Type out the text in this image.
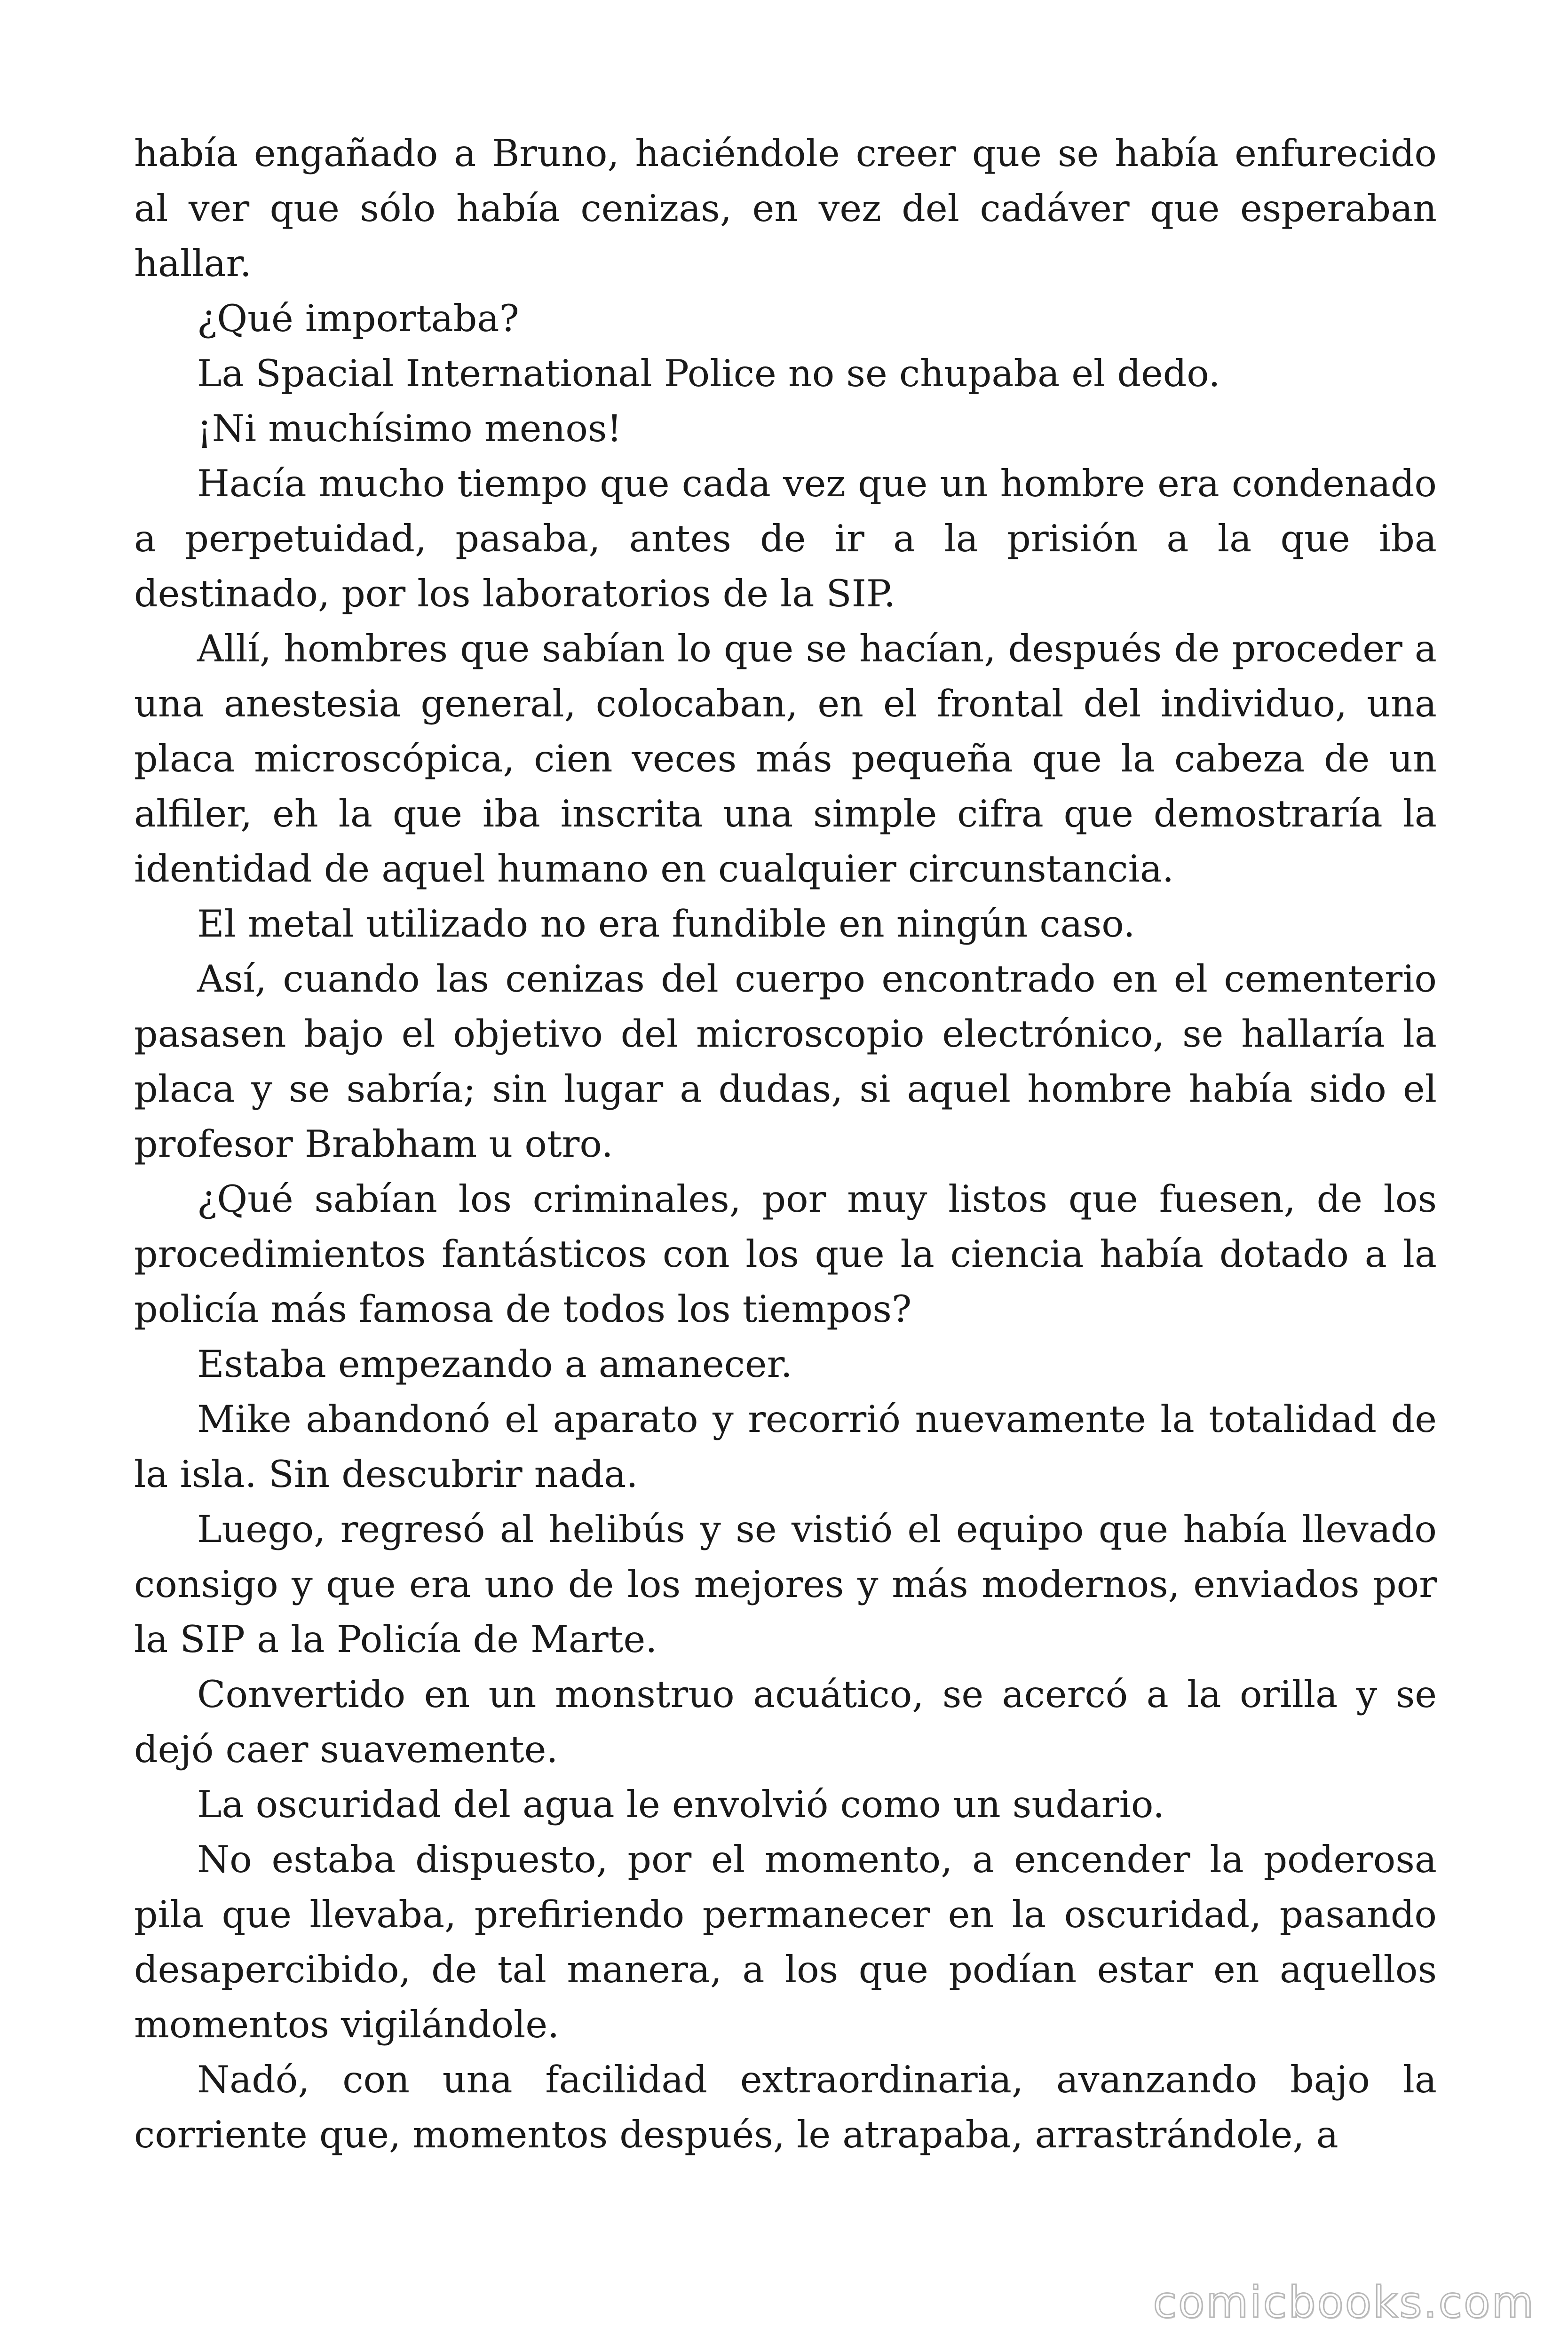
había engañado a Bruno, haciéndole creer que se había enfurecido al ver que sólo había cenizas, en vez del cadáver que esperaban hallar.

¿Qué importaba?

La Spacial International Police no se chupaba el dedo.

¡Ni muchísimo menos!

Hacía mucho tiempo que cada vez que un hombre era condenado a perpetuidad, pasaba, antes de ir a la prisión a la que iba destinado, por los laboratorios de la SIP.

Allí, hombres que sabían lo que se hacían, después de proceder a una anestesia general, colocaban, en el frontal del individuo, una placa microscópica, cien veces más pequeña que la cabeza de un alfiler, eh la que iba inscrita una simple cifra que demostraría la identidad de aquel humano en cualquier circunstancia.

El metal utilizado no era fundible en ningún caso.

Así, cuando las cenizas del cuerpo encontrado en el cementerio pasasen bajo el objetivo del microscopio electrónico, se hallaría la placa y se sabría; sin lugar a dudas, si aquel hombre había sido el profesor Brabham u otro.

¿Qué sabían los criminales, por muy listos que fuesen, de los procedimientos fantásticos con los que la ciencia había dotado a la policía más famosa de todos los tiempos?

Estaba empezando a amanecer.

Mike abandonó el aparato y recorrió nuevamente la totalidad de la isla. Sin descubrir nada.

Luego, regresó al helibús y se vistió el equipo que había llevado consigo y que era uno de los mejores y más modernos, enviados por la SIP a la Policía de Marte.

Convertido en un monstruo acuático, se acercó a la orilla y se dejó caer suavemente.

La oscuridad del agua le envolvió como un sudario.

No estaba dispuesto, por el momento, a encender la poderosa pila que llevaba, prefiriendo permanecer en la oscuridad, pasando desapercibido, de tal manera, a los que podían estar en aquellos momentos vigilándole.

Nadó, con una facilidad extraordinaria, avanzando bajo la corriente que, momentos después, le atrapaba, arrastrándole, a

comicbooks.com
